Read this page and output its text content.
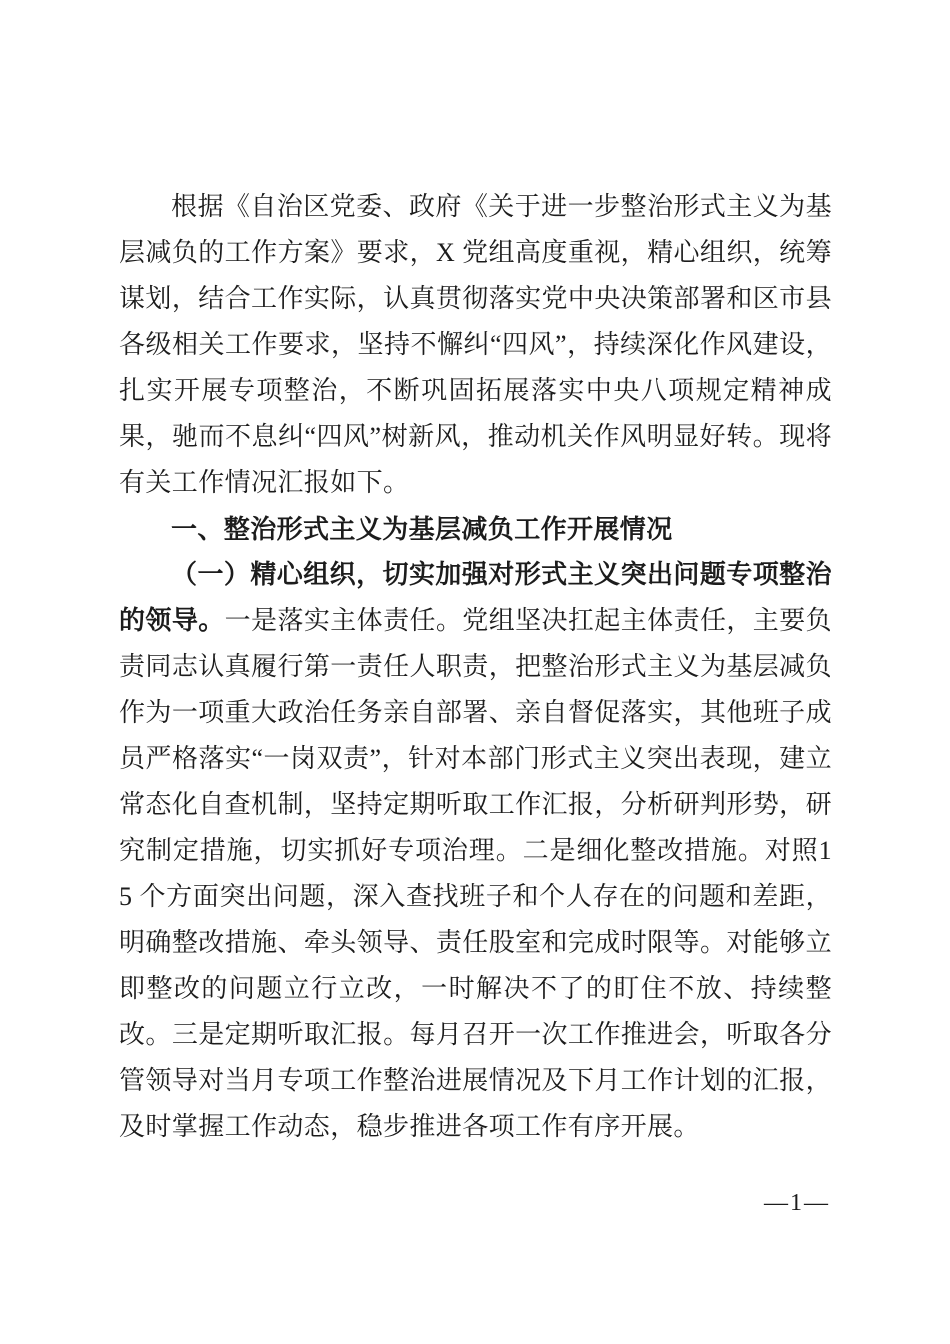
根据《自治区党委、政府《关于进一步整治形式主义为基层减负的工作方案》要求，X 党组高度重视，精心组织，统筹谋划，结合工作实际，认真贯彻落实党中央决策部署和区市县各级相关工作要求，坚持不懈纠“四风”，持续深化作风建设，扎实开展专项整治，不断巩固拓展落实中央八项规定精神成果，驰而不息纠“四风”树新风，推动机关作风明显好转。现将有关工作情况汇报如下。

一、整治形式主义为基层减负工作开展情况

（一）精心组织，切实加强对形式主义突出问题专项整治的领导。一是落实主体责任。党组坚决扛起主体责任，主要负责同志认真履行第一责任人职责，把整治形式主义为基层减负作为一项重大政治任务亲自部署、亲自督促落实，其他班子成员严格落实“一岗双责”，针对本部门形式主义突出表现，建立常态化自查机制，坚持定期听取工作汇报，分析研判形势，研究制定措施，切实抓好专项治理。二是细化整改措施。对照15 个方面突出问题，深入查找班子和个人存在的问题和差距，明确整改措施、牵头领导、责任股室和完成时限等。对能够立即整改的问题立行立改，一时解决不了的盯住不放、持续整改。三是定期听取汇报。每月召开一次工作推进会，听取各分管领导对当月专项工作整治进展情况及下月工作计划的汇报，及时掌握工作动态，稳步推进各项工作有序开展。

—1—
